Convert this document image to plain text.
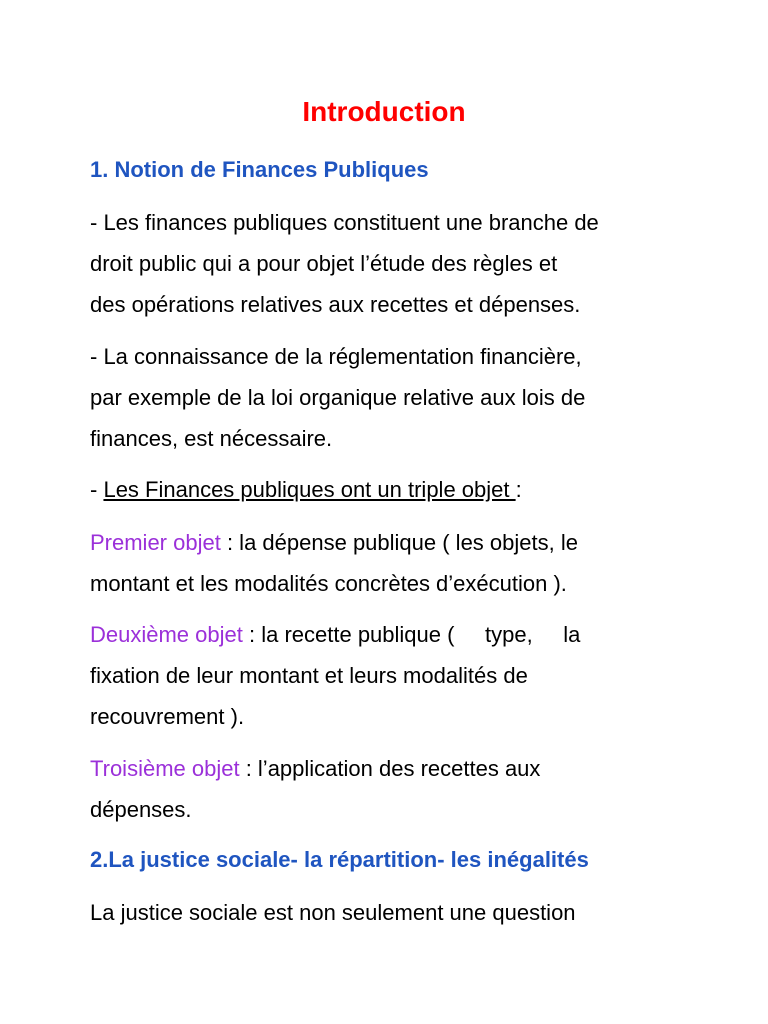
Introduction
1. Notion de Finances Publiques
- Les finances publiques constituent une branche de
droit public qui a pour objet l’étude des règles et
des opérations relatives aux recettes et dépenses.
- La connaissance de la réglementation financière,
par exemple de la loi organique relative aux lois de
finances, est nécessaire.
- Les Finances publiques ont un triple objet :
Premier objet : la dépense publique ( les objets, le
montant et les modalités concrètes d’exécution ).
Deuxième objet : la recette publique (     type,     la
fixation de leur montant et leurs modalités de
recouvrement ).
Troisième objet : l’application des recettes aux
dépenses.
2.La justice sociale- la répartition- les inégalités
La justice sociale est non seulement une question
